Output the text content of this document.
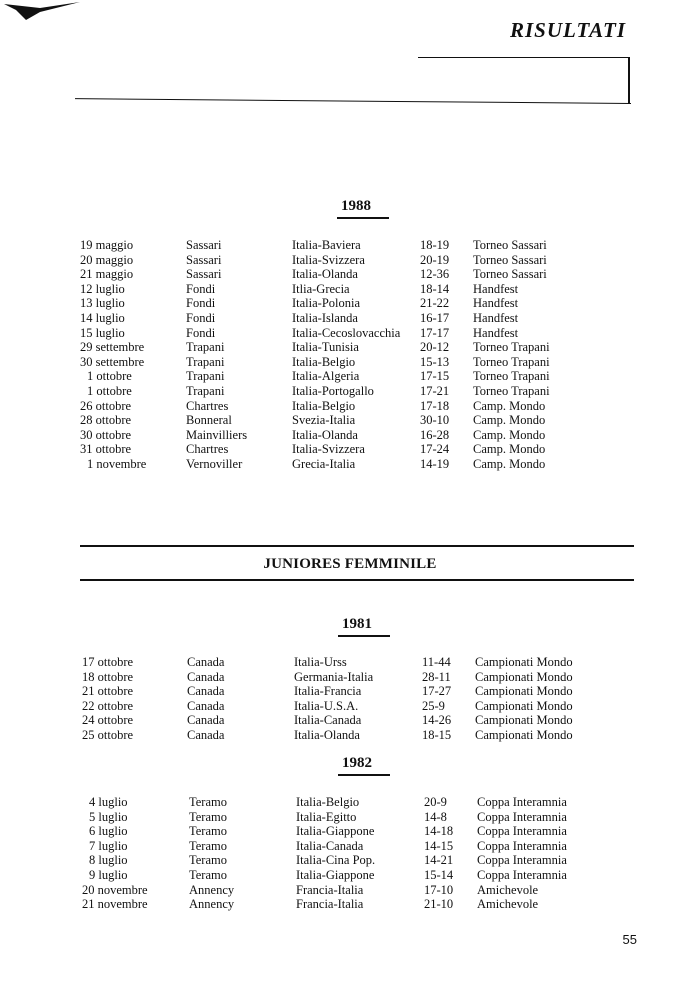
RISULTATI
1988
19 maggio	Sassari	Italia-Baviera	18-19 Torneo Sassari
20 maggio	Sassari	Italia-Svizzera	20-19 Torneo Sassari
21 maggio	Sassari	Italia-Olanda	12-36 Torneo Sassari
12 luglio	Fondi	Itlia-Grecia	18-14 Handfest
13 luglio	Fondi	Italia-Polonia	21-22 Handfest
14 luglio	Fondi	Italia-Islanda	16-17 Handfest
15 luglio	Fondi	Italia-Cecoslovacchia 17-17 Handfest
29 settembre	Trapani	Italia-Tunisia	20-12 Torneo Trapani
30 settembre	Trapani	Italia-Belgio	15-13 Torneo Trapani
1 ottobre	Trapani	Italia-Algeria	17-15 Torneo Trapani
1 ottobre	Trapani	Italia-Portogallo	17-21 Torneo Trapani
26 ottobre	Chartres	Italia-Belgio	17-18 Camp. Mondo
28 ottobre	Bonneral	Svezia-Italia	30-10 Camp. Mondo
30 ottobre	Mainvilliers	Italia-Olanda	16-28 Camp. Mondo
31 ottobre	Chartres	Italia-Svizzera	17-24 Camp. Mondo
1 novembre	Vernoviller	Grecia-Italia	14-19 Camp. Mondo
JUNIORES FEMMINILE
1981
17 ottobre	Canada	Italia-Urss	11-44 Campionati Mondo
18 ottobre	Canada	Germania-Italia	28-11 Campionati Mondo
21 ottobre	Canada	Italia-Francia	17-27 Campionati Mondo
22 ottobre	Canada	Italia-U.S.A.	25-9 Campionati Mondo
24 ottobre	Canada	Italia-Canada	14-26 Campionati Mondo
25 ottobre	Canada	Italia-Olanda	18-15 Campionati Mondo
1982
4 luglio	Teramo	Italia-Belgio	20-9 Coppa Interamnia
5 luglio	Teramo	Italia-Egitto	14-8 Coppa Interamnia
6 luglio	Teramo	Italia-Giappone	14-18 Coppa Interamnia
7 luglio	Teramo	Italia-Canada	14-15 Coppa Interamnia
8 luglio	Teramo	Italia-Cina Pop.	14-21 Coppa Interamnia
9 luglio	Teramo	Italia-Giappone	15-14 Coppa Interamnia
20 novembre	Annency	Francia-Italia	17-10 Amichevole
21 novembre	Annency	Francia-Italia	21-10 Amichevole
55
